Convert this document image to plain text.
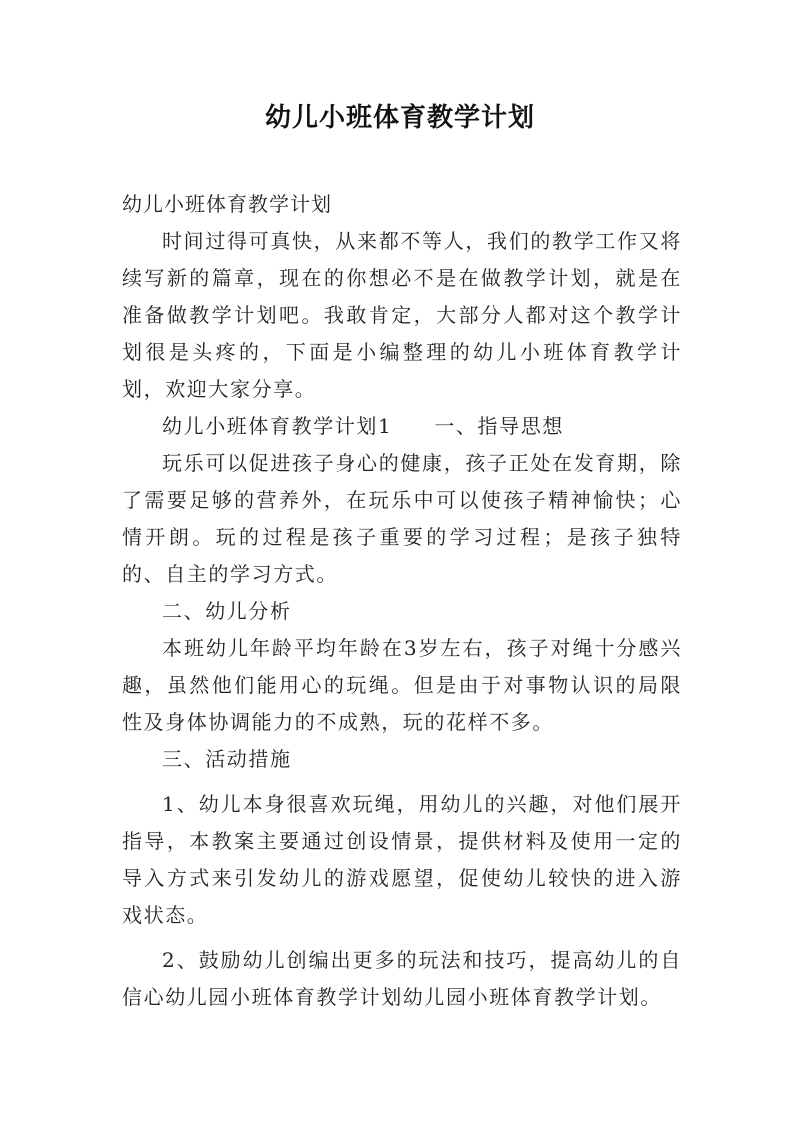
幼儿小班体育教学计划

幼儿小班体育教学计划

时间过得可真快，从来都不等人，我们的教学工作又将续写新的篇章，现在的你想必不是在做教学计划，就是在准备做教学计划吧。我敢肯定，大部分人都对这个教学计划很是头疼的，下面是小编整理的幼儿小班体育教学计划，欢迎大家分享。

幼儿小班体育教学计划1 一、指导思想

玩乐可以促进孩子身心的健康，孩子正处在发育期，除了需要足够的营养外，在玩乐中可以使孩子精神愉快；心情开朗。玩的过程是孩子重要的学习过程；是孩子独特的、自主的学习方式。

二、幼儿分析

本班幼儿年龄平均年龄在3岁左右，孩子对绳十分感兴趣，虽然他们能用心的玩绳。但是由于对事物认识的局限性及身体协调能力的不成熟，玩的花样不多。

三、活动措施

1、幼儿本身很喜欢玩绳，用幼儿的兴趣，对他们展开指导，本教案主要通过创设情景，提供材料及使用一定的导入方式来引发幼儿的游戏愿望，促使幼儿较快的进入游戏状态。

2、鼓励幼儿创编出更多的玩法和技巧，提高幼儿的自信心幼儿园小班体育教学计划幼儿园小班体育教学计划。
